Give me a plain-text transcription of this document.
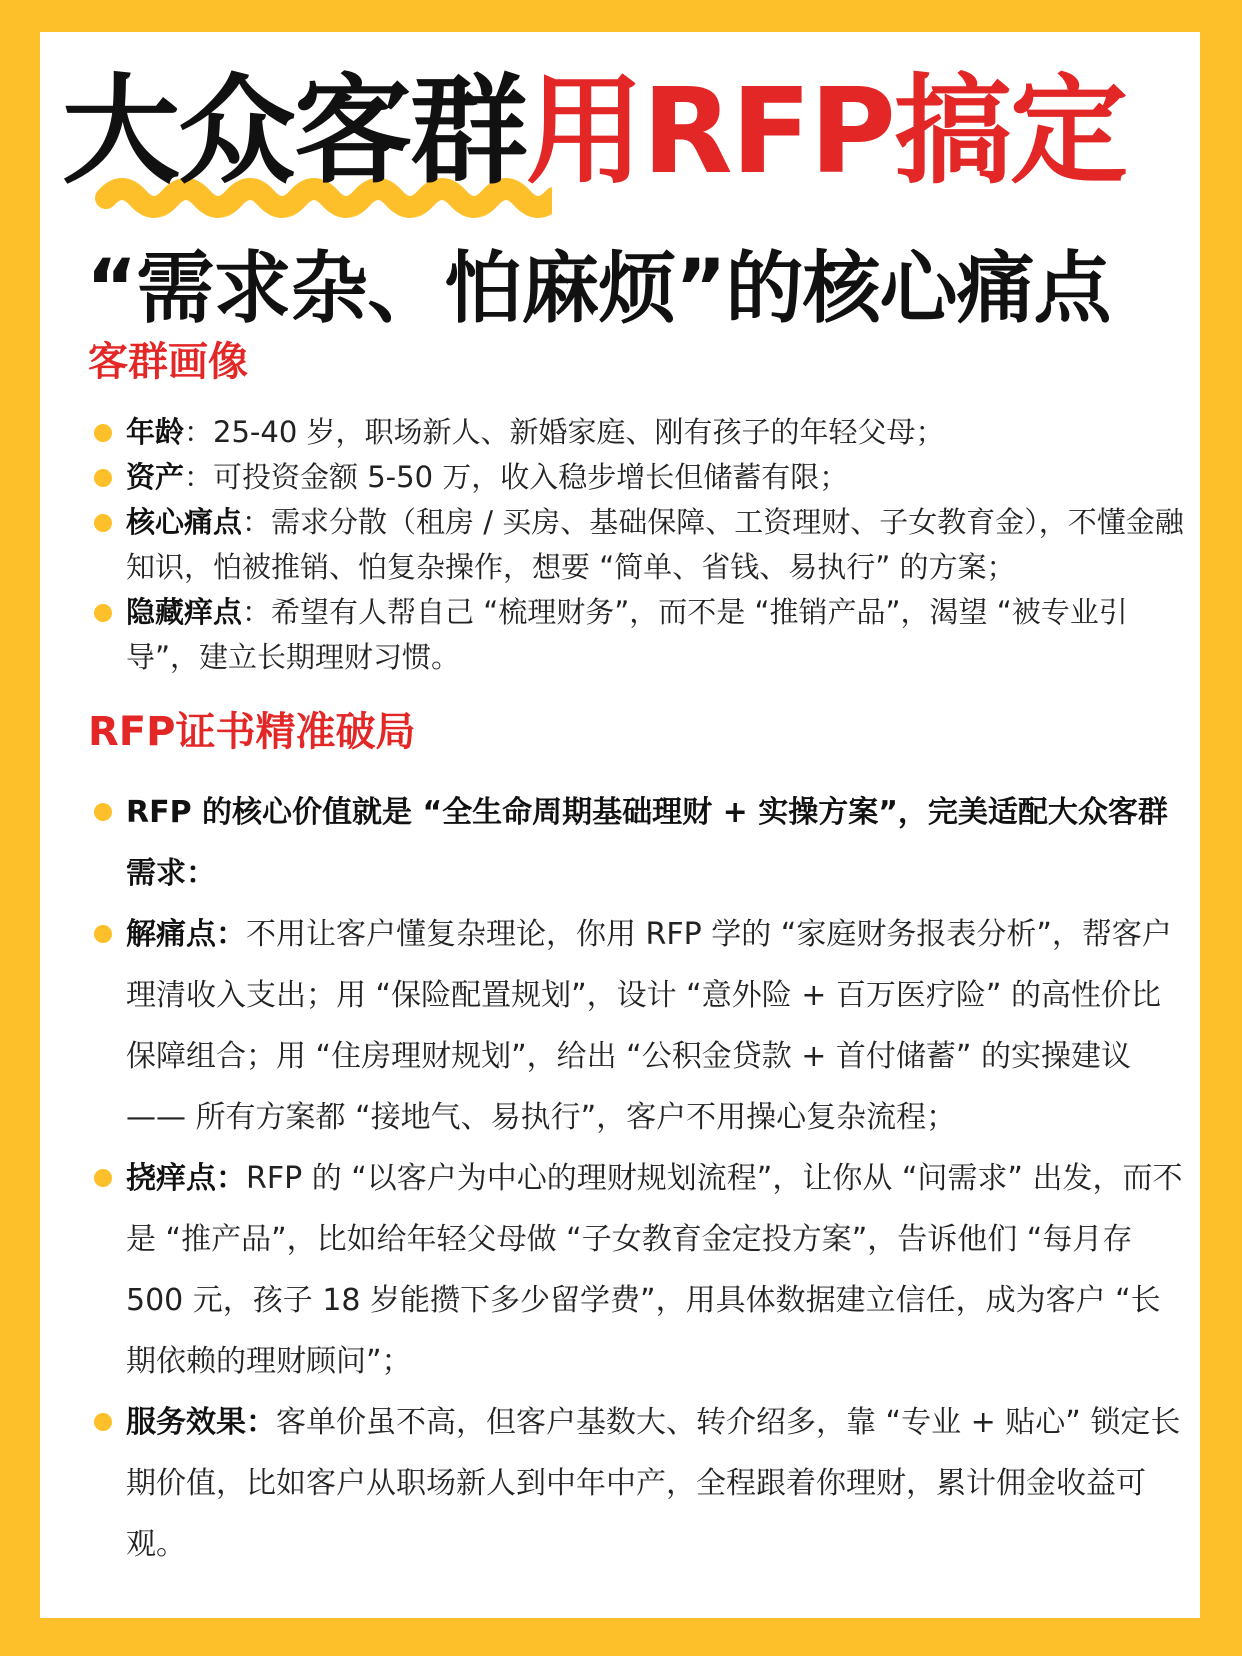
大众客群用RFP搞定
“需求杂、怕麻烦”的核心痛点
客群画像
年龄：25-40 岁，职场新人、新婚家庭、刚有孩子的年轻父母；
资产：可投资金额 5-50 万，收入稳步增长但储蓄有限；
核心痛点：需求分散（租房 / 买房、基础保障、工资理财、子女教育金），不懂金融知识，怕被推销、怕复杂操作，想要 “简单、省钱、易执行” 的方案；
隐藏痒点：希望有人帮自己 “梳理财务”，而不是 “推销产品”，渴望 “被专业引导”，建立长期理财习惯。
RFP证书精准破局
RFP 的核心价值就是 “全生命周期基础理财 + 实操方案”，完美适配大众客群需求：
解痛点：不用让客户懂复杂理论，你用 RFP 学的 “家庭财务报表分析”，帮客户理清收入支出；用 “保险配置规划”，设计 “意外险 + 百万医疗险” 的高性价比保障组合；用 “住房理财规划”，给出 “公积金贷款 + 首付储蓄” 的实操建议 —— 所有方案都 “接地气、易执行”，客户不用操心复杂流程；
挠痒点：RFP 的 “以客户为中心的理财规划流程”，让你从 “问需求” 出发，而不是 “推产品”，比如给年轻父母做 “子女教育金定投方案”，告诉他们 “每月存 500 元，孩子 18 岁能攒下多少留学费”，用具体数据建立信任，成为客户 “长期依赖的理财顾问”；
服务效果：客单价虽不高，但客户基数大、转介绍多，靠 “专业 + 贴心” 锁定长期价值，比如客户从职场新人到中年中产，全程跟着你理财，累计佣金收益可观。
